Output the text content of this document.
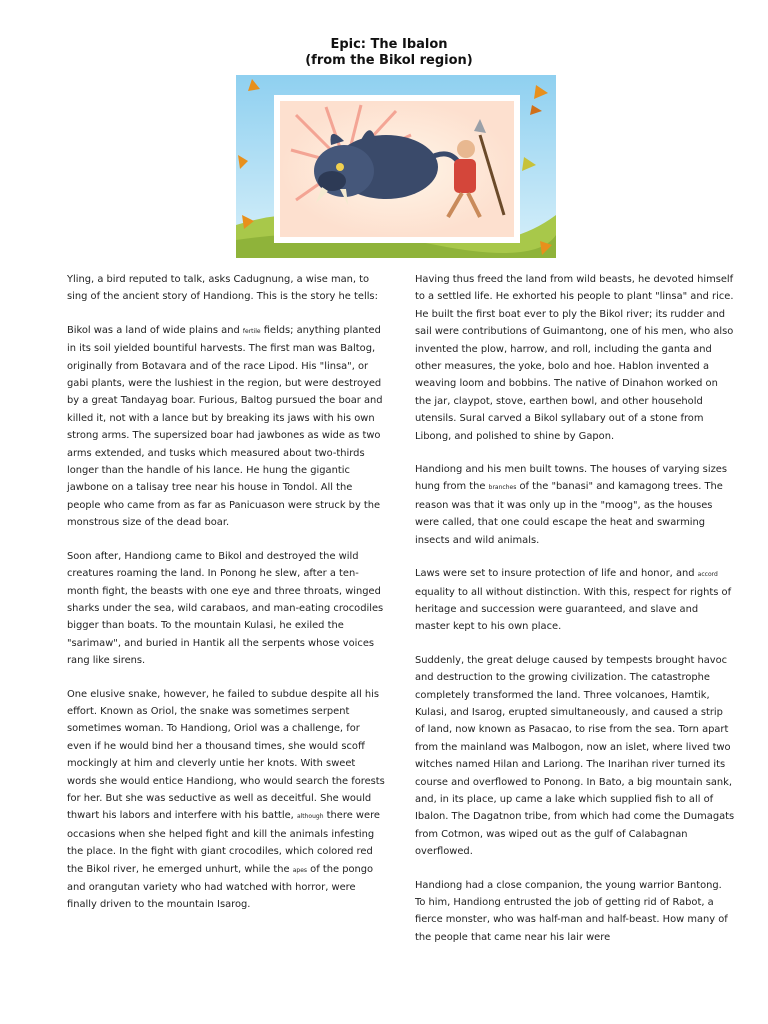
Epic: The Ibalon
(from the Bikol region)

Yling, a bird reputed to talk, asks Cadugnung, a wise man, to sing of the ancient story of Handiong. This is the story he tells:

Bikol was a land of wide plains and fertile fields; anything planted in its soil yielded bountiful harvests. The first man was Baltog, originally from Botavara and of the race Lipod. His "linsa", or gabi plants, were the lushiest in the region, but were destroyed by a great Tandayag boar. Furious, Baltog pursued the boar and killed it, not with a lance but by breaking its jaws with his own strong arms. The supersized boar had jawbones as wide as two arms extended, and tusks which measured about two-thirds longer than the handle of his lance. He hung the gigantic jawbone on a talisay tree near his house in Tondol. All the people who came from as far as Panicuason were struck by the monstrous size of the dead boar.

Soon after, Handiong came to Bikol and destroyed the wild creatures roaming the land. In Ponong he slew, after a ten-month fight, the beasts with one eye and three throats, winged sharks under the sea, wild carabaos, and man-eating crocodiles bigger than boats. To the mountain Kulasi, he exiled the "sarimaw", and buried in Hantik all the serpents whose voices rang like sirens.

One elusive snake, however, he failed to subdue despite all his effort. Known as Oriol, the snake was sometimes serpent sometimes woman. To Handiong, Oriol was a challenge, for even if he would bind her a thousand times, she would scoff mockingly at him and cleverly untie her knots. With sweet words she would entice Handiong, who would search the forests for her. But she was seductive as well as deceitful. She would thwart his labors and interfere with his battle, although there were occasions when she helped fight and kill the animals infesting the place. In the fight with giant crocodiles, which colored red the Bikol river, he emerged unhurt, while the apes of the pongo and orangutan variety who had watched with horror, were finally driven to the mountain Isarog.

Having thus freed the land from wild beasts, he devoted himself to a settled life. He exhorted his people to plant "linsa" and rice. He built the first boat ever to ply the Bikol river; its rudder and sail were contributions of Guimantong, one of his men, who also invented the plow, harrow, and roll, including the ganta and other measures, the yoke, bolo and hoe. Hablon invented a weaving loom and bobbins. The native of Dinahon worked on the jar, claypot, stove, earthen bowl, and other household utensils. Sural carved a Bikol syllabary out of a stone from Libong, and polished to shine by Gapon.

Handiong and his men built towns. The houses of varying sizes hung from the branches of the "banasi" and kamagong trees. The reason was that it was only up in the "moog", as the houses were called, that one could escape the heat and swarming insects and wild animals.

Laws were set to insure protection of life and honor, and accord equality to all without distinction. With this, respect for rights of heritage and succession were guaranteed, and slave and master kept to his own place.

Suddenly, the great deluge caused by tempests brought havoc and destruction to the growing civilization. The catastrophe completely transformed the land. Three volcanoes, Hamtik, Kulasi, and Isarog, erupted simultaneously, and caused a strip of land, now known as Pasacao, to rise from the sea. Torn apart from the mainland was Malbogon, now an islet, where lived two witches named Hilan and Lariong. The Inarihan river turned its course and overflowed to Ponong. In Bato, a big mountain sank, and, in its place, up came a lake which supplied fish to all of Ibalon. The Dagatnon tribe, from which had come the Dumagats from Cotmon, was wiped out as the gulf of Calabagnan overflowed.

Handiong had a close companion, the young warrior Bantong. To him, Handiong entrusted the job of getting rid of Rabot, a fierce monster, who was half-man and half-beast. How many of the people that came near his lair were
